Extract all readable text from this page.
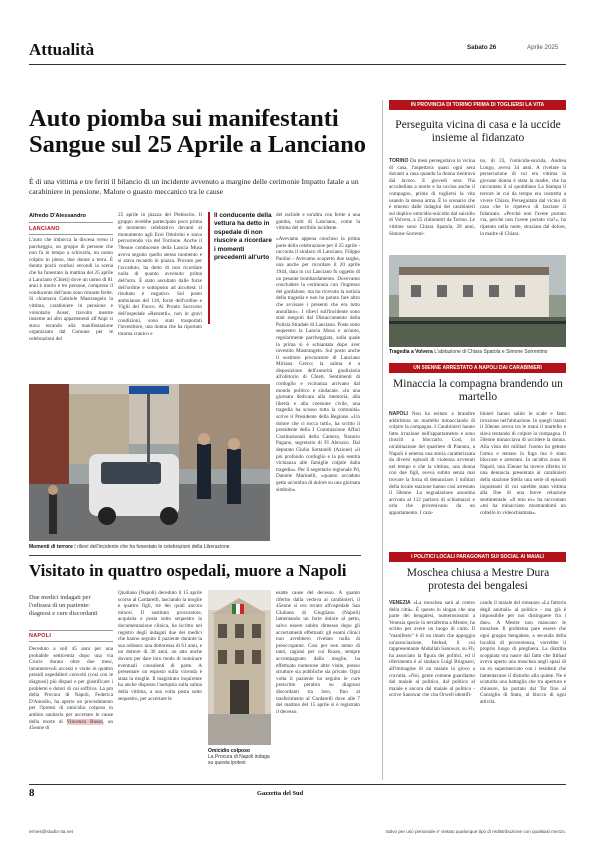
Attualità	Sabato 26	Aprile 2025
Auto piomba sui manifestanti
Sangue sul 25 Aprile a Lanciano
È di una vittima e tre feriti il bilancio di un incidente avvenuto a margine delle cerimonie Impatto fatale a un carabiniere in pensione. Malore o guasto meccanico tra le cause
Alfredo D'Alessandro
LANCIANO
L'auto che imbocca la discesa verso il parcheggio, un gruppo di persone che non fa in tempo a schivarla, un uomo colpito in pieno, due donne a terra. È durata pochi confusi secondi la scena che ha funestato la mattina del 25 aprile a Lanciano (Chieti) dove un uomo di 81 anni è morto e tre persone, compreso il conducente dell'auto sono rimaste ferite. Si chiamava Gabriele Mastrangelo la vittima, carabiniere in pensione e volontario Auser, travolto mentre insieme ad altri appartenenti all'Anpi si stava recando alla manifestazione organizzata dal Comune per le celebrazioni del
25 aprile in piazza del Plebiscito. Il gruppo avrebbe partecipato poco prima al momento celebrativo davanti al monumento agli Eroi Ottobrini e stava percorrendo via del Torrione. Anche il 78enne conducente della Lancia Musa aveva seguito quello stesso momento e si stava recando in piazza. Provato per l'accaduto, ha detto di non ricordare nulla di quanto avvenuto prima dell'urto. È stato ascoltato dalle forze dell'ordine e sottoposto ad alcoltest: il risultato è negativo. Sul posto ambulanze del 118, forze dell'ordine e Vigili del Fuoco. Al Pronto Soccorso dell'ospedale «Renzetti», non in gravi condizioni, sono stati trasportati l'investitore, una donna che ha riportato trauma cranico e
Il conducente della vettura ha detto in ospedale di non riuscire a ricordare i momenti precedenti all'urto
del rachide e un'altra con ferite a una gamba, tutti di Lanciano, come la vittima del terribile incidente.
«Avevamo appena concluso la prima parte della celebrazione per il 25 aprile - racconta il sindaco di Lanciano, Filippo Paolini - Avevamo scoperto due targhe, una anche per ricordare il 20 aprile 1944, data in cui Lanciano fu oggetto di un pesante bombardamento. Dovevamo concludere la cerimonia con l'ingresso del gonfalone, ma ho ricevuto la notizia della tragedia e non ho potuto fare altro che avvisare i presenti che era tutto annullato». I rilievi sull'incidente sono stati eseguiti dal Distaccamento della Polizia Stradale di Lanciano. Poste sotto sequestro la Lancia Musa e un'auto, regolarmente parcheggiata, sulla quale la prima si è schiantata dopo aver investito Mastrangelo. Sul posto anche il sostituto procuratore di Lanciano Miriana Greco; la salma è a disposizione dell'autorità giudiziaria all'obitorio di Chieti. Sentimenti di cordoglio e vicinanza arrivano dal mondo politico e sindacale. «In una giornata dedicata alla memoria, alla libertà e alla coesione civile, una tragedia ha scosso tutta la comunità» scrive il Presidente della Regione. «Un dolore che ci tocca tutti», ha scritto il presidente della I Commissione Affari Costituzionali della Camera, Nazario Pagano, segretario di FI Abruzzo. Dal deputato Giulio Sottanelli (Azione) «il più profondo cordoglio e la più sentita vicinanza alle famiglie colpite dalla tragedia». Per il segretario regionale Pd, Daniele Marinelli, «quanto accaduto getta un'ombra di dolore su una giornata simbolo».
Momenti di terrore I rilievi dell'incidente che ha funestato le celebrazioni della Liberazione
Visitato in quattro ospedali, muore a Napoli
Due medici indagati per l'odissea di un paziente: diagnosi e cure discordanti
NAPOLI
Deceduto a soli 45 anni per una probabile setticemia dopo una via Crucis durata oltre due mesi, innumerevoli accessi e visite in quattro presidi ospedalieri convolti (così con le diagnosi) più dispari e per giustificare i problemi e dolori di cui soffriva. La pm della Procura di Napoli, Federica D'Amodio, ha aperto un procedimento per l'ipotesi di omicidio colposo in ambito sanitario per accertare le cause della morte di Vincenzo Russo, un 45enne di
Qualiano (Napoli) deceduto il 15 aprile scorso al Cardarelli, lasciando la moglie e quattro figli, tre dei quali ancora minori. Il sostituto procuratore, acquisita e posta sotto sequestro la documentazione clinica, ha iscritto nel registro degli indagati due dei medici che hanno seguito il paziente durante la sua odissea: una dottoressa di 61 anni, e un dottore di 36 anni, un atto anche dovuto per dare loro modo di nominare eventuali consulenti di parte. A presentare un esposto sulla vicenda è stata la moglie. Il magistrato inquirente ha anche disposto l'autopsia sulla salma della vittima, a sua volta posta sotto sequestro, per accertare le
Omicidio colposo
La Procura di Napoli indaga su questa ipotesi
esatte cause del decesso. A quanto riferito dalla vedova ai carabinieri, il 45enne si era recato all'ospedale San Giuliano di Giugliano (Napoli) lamentando un forte dolore al petto, salvo essere subito dimesso dopo gli accertamenti effettuati: gli esami clinici non avrebbero rivelato nulla di preoccupante. Così per non meno di tanti, ragioni per cui Russo, sempre accompagnato dalla moglie, ha effettuato numerose altre visite, presso strutture sia pubbliche sia private. Ogni volta il paziente ha seguito le cure prescritte peraltro su diagnosi discordanti tra loro, fino al trasferimento al Cardarelli dove alle 7 del mattino del 15 aprile si è registrato il decesso.
IN PROVINCIA DI TORINO PRIMA DI TOGLIERSI LA VITA
Perseguita vicina di casa e la uccide insieme al fidanzato
TORINO Da mesi perseguitava la vicina di casa, l'aspettava quasi ogni sera davanti a casa quando la donna rientrava dal lavoro. E giovedì sera l'ha accoltellata a morte e ha ucciso anche il compagno, prima di togliersi la vita usando la stessa arma. È lo scenario che è emerso dalle indagini dei carabinieri sul duplice omicidio-suicidio dal suicidio di Volvera, a 25 chilometri da Torino. Le vittime sono Chiara Spatola, 28 anni, Simone Sorrenti-
no, di 23, l'omicida-suicida, Andrea Longo, aveva 34 anni. A rivelare la persecuzione di cui era vittima la giovane donna è stata la madre, che ha raccontato il al quotidiano La Stampa il terrore in cui da tempo era costretta a vivere Chiara. Perseguitata dal vicino di casa che le ripeteva di lasciare il fidanzato. «Perché non l'avete portato via, perché non l'avete portato via?», ha ripetuto nella notte, straziata dal dolore, la madre di Chiara.
Tragedia a Volvera L'abitazione di Chiara Spatola e Simone Sorrentino
UN 50ENNE ARRESTATO A NAPOLI DAI CARABINIERI
Minaccia la compagna brandendo un martello
NAPOLI Non ha esitato a brandire addirittura un martello minacciando di colpire la compagna. I Carabinieri hanno fatto irruzione nell'appartamento e sono riusciti a bloccarlo. Così, in un'abitazione del quartiere di Pianura, a Napoli è emersa una storia caratterizzata da diversi episodi di violenza avvenuti nel tempo e che la vittima, una donna con due figli, aveva subito senza mai trovare la forza di denunciare. I militari della locale stazione hanno così arrestato il 50enne. La segnalazione anonima arrivata al 112 parlava di schiamazzi e urla che provenivano da un appartamento. I cara-
binieri hanno salito le scale e fatto irruzione nell'abitazione. In quegli istanti il 50enne aveva tra le mani il martello e stava tentando di colpire la compagna. Il 50enne minacciava di uccidere la donna. Alla vista dei militari l'uomo ha gettato l'arma e tentato la fuga ma è stato bloccato e arrestato. In un'altra zona di Napoli, una 35enne ha invece riferito in una denuncia presentata ai carabinieri della stazione Stella una serie di episodi inquietanti di cui sarebbe stata vittima alla fine di una breve relazione sentimentale. «Il mio ex» ha raccontato «mi ha minacciato mostrandomi un coltello in videochiamata».
I POLITICI LOCALI PARAGONATI SUI SOCIAL AI MAIALI
Moschea chiusa a Mestre Dura protesta dei bengalesi
VENEZIA «La moschea sarà al centro della città». È questo lo slogan che una parte dei bengalesi, numerosissimi a Venezia specie in terraferma a Mestre, ha scritto per avere un luogo di culto. Il "manifesto" è di un imam che appoggia un'associazione, Ittehad, il cui rappresentante Abdullah Sanowar, su Fb, ha associato la figura dei politici, ed il riferimento è al sindaco Luigi Brugnaro, all'immagine di un maiale in gioco a cravatta. «Noi, gente comune guardiamo dal maiale al politico, dal politico al maiale e ancora dal maiale al politico - scrive Sanowar che cita Orwell identifi-
cando il maiale del romanzo «La fattoria degli animali» al politico - ma già è impossibile per noi distinguere fra i due». A Mestre non mancano le moschee. Il problema pare essere che ogni gruppo bengalese, a seconda della località di provenienza, vorrebbe il proprio luogo di preghiera. La diatriba scoppiata ora nasce dal fatto che Ittihad aveva aperto una moschea negli spazi di un ex supermercato con i residenti che lamentavano il disturbo alla quiete. Ne è scaturita una battaglia che tra apertura e chiusure, ha portato dal Tar fino al Consiglio di Stato, al blocco di ogni attività.
8	Gazzetta del Sud
ermes@studio-3a.net	Salvo per uso personale e' vietato qualunque tipo di redistribuzione con qualsiasi mezzo.
